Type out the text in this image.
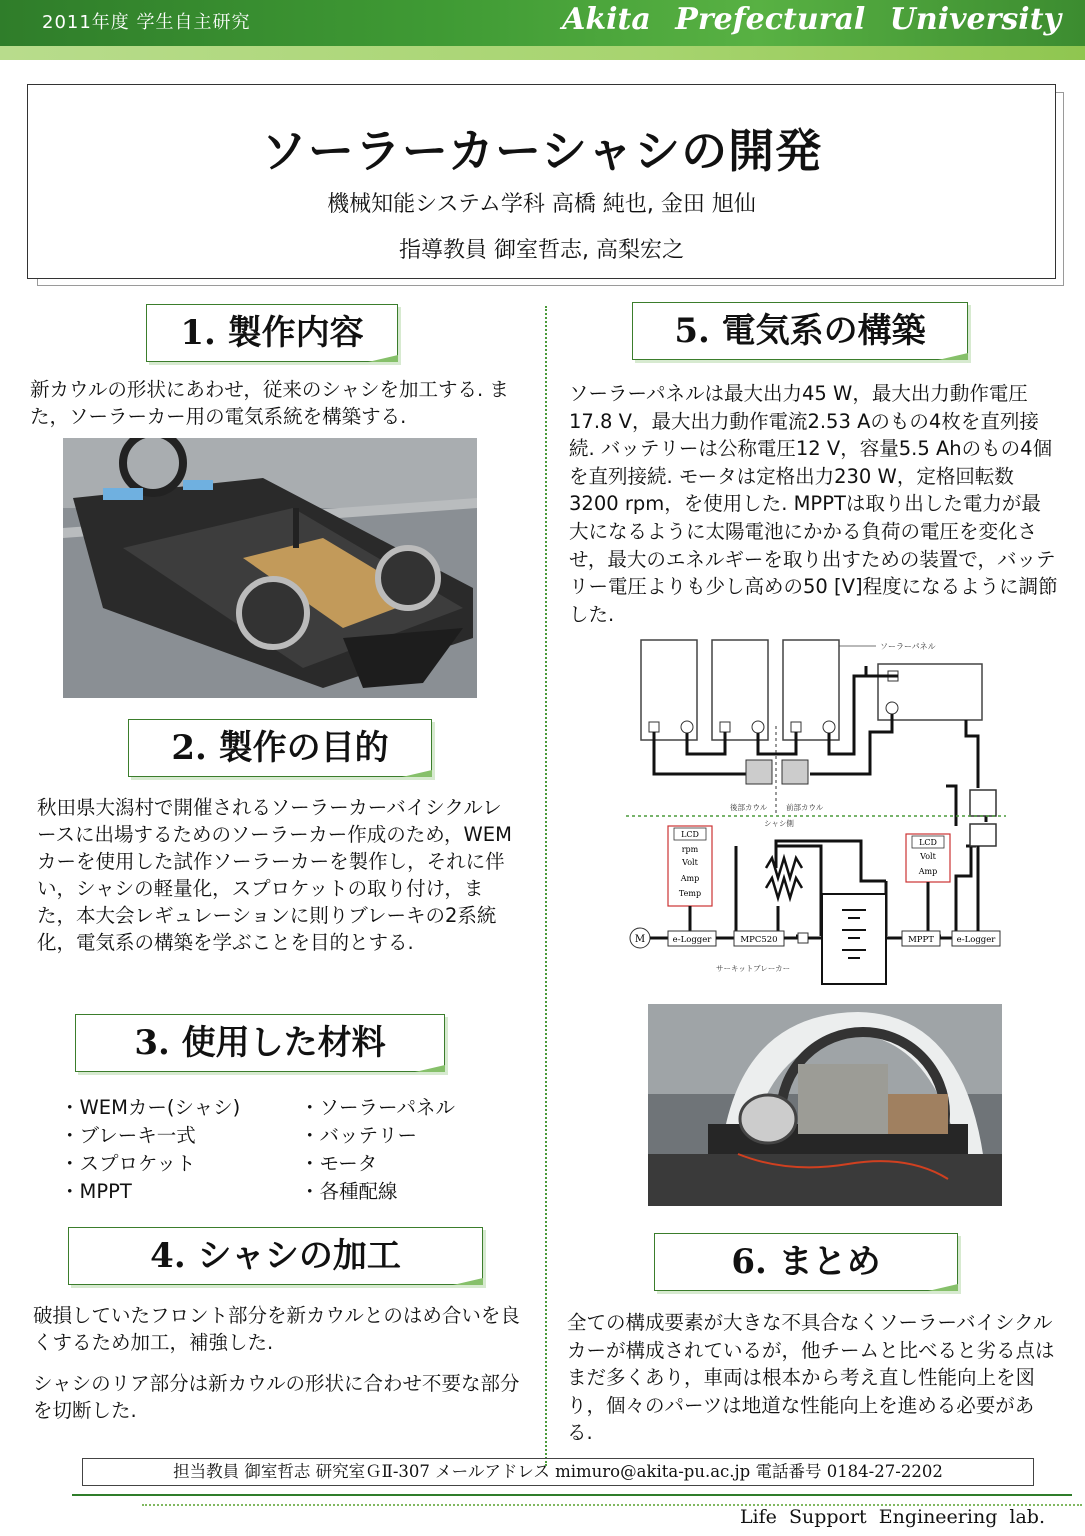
2011年度 学生自主研究	Akita Prefectural University
ソーラーカーシャシの開発
機械知能システム学科 高橋 純也, 金田 旭仙
指導教員 御室哲志, 高梨宏之
1. 製作内容

新カウルの形状にあわせ，従来のシャシを加工する. また，ソーラーカー用の電気系統を構築する.

2. 製作の目的

秋田県大潟村で開催されるソーラーカーバイシクルレースに出場するためのソーラーカー作成のため，WEMカーを使用した試作ソーラーカーを製作し，それに伴い，シャシの軽量化，スプロケットの取り付け，また，本大会レギュレーションに則りブレーキの2系統化，電気系の構築を学ぶことを目的とする.

3. 使用した材料
・WEMカー(シャシ)
・ブレーキ一式
・スプロケット
・MPPT
・ソーラーパネル
・バッテリー
・モータ
・各種配線
4. シャシの加工

破損していたフロント部分を新カウルとのはめ合いを良くするため加工，補強した.

シャシのリア部分は新カウルの形状に合わせ不要な部分を切断した.

5. 電気系の構築

ソーラーパネルは最大出力45 W，最大出力動作電圧17.8 V，最大出力動作電流2.53 Aのもの4枚を直列接続. バッテリーは公称電圧12 V，容量5.5 Ahのもの4個を直列接続. モータは定格出力230 W，定格回転数3200 rpm，を使用した. MPPTは取り出した電力が最大になるように太陽電池にかかる負荷の電圧を変化させ，最大のエネルギーを取り出すための装置で，バッテリー電圧よりも少し高めの50 [V]程度になるように調節した.

ソーラーパネル
後部カウル 前部カウル
シャシ側
LCD
rpm
Volt
Amp
Temp
LCD
Volt
Amp
M	e-Logger	MPC520
サーキットブレーカー
MPPT	e-Logger
6. まとめ

全ての構成要素が大きな不具合なくソーラーバイシクルカーが構成されているが，他チームと比べると劣る点はまだ多くあり，車両は根本から考え直し性能向上を図り，個々のパーツは地道な性能向上を進める必要がある.

担当教員 御室哲志 研究室ＧⅡ-307 メールアドレス mimuro@akita-pu.ac.jp 電話番号 0184-27-2202
Life Support Engineering lab.
